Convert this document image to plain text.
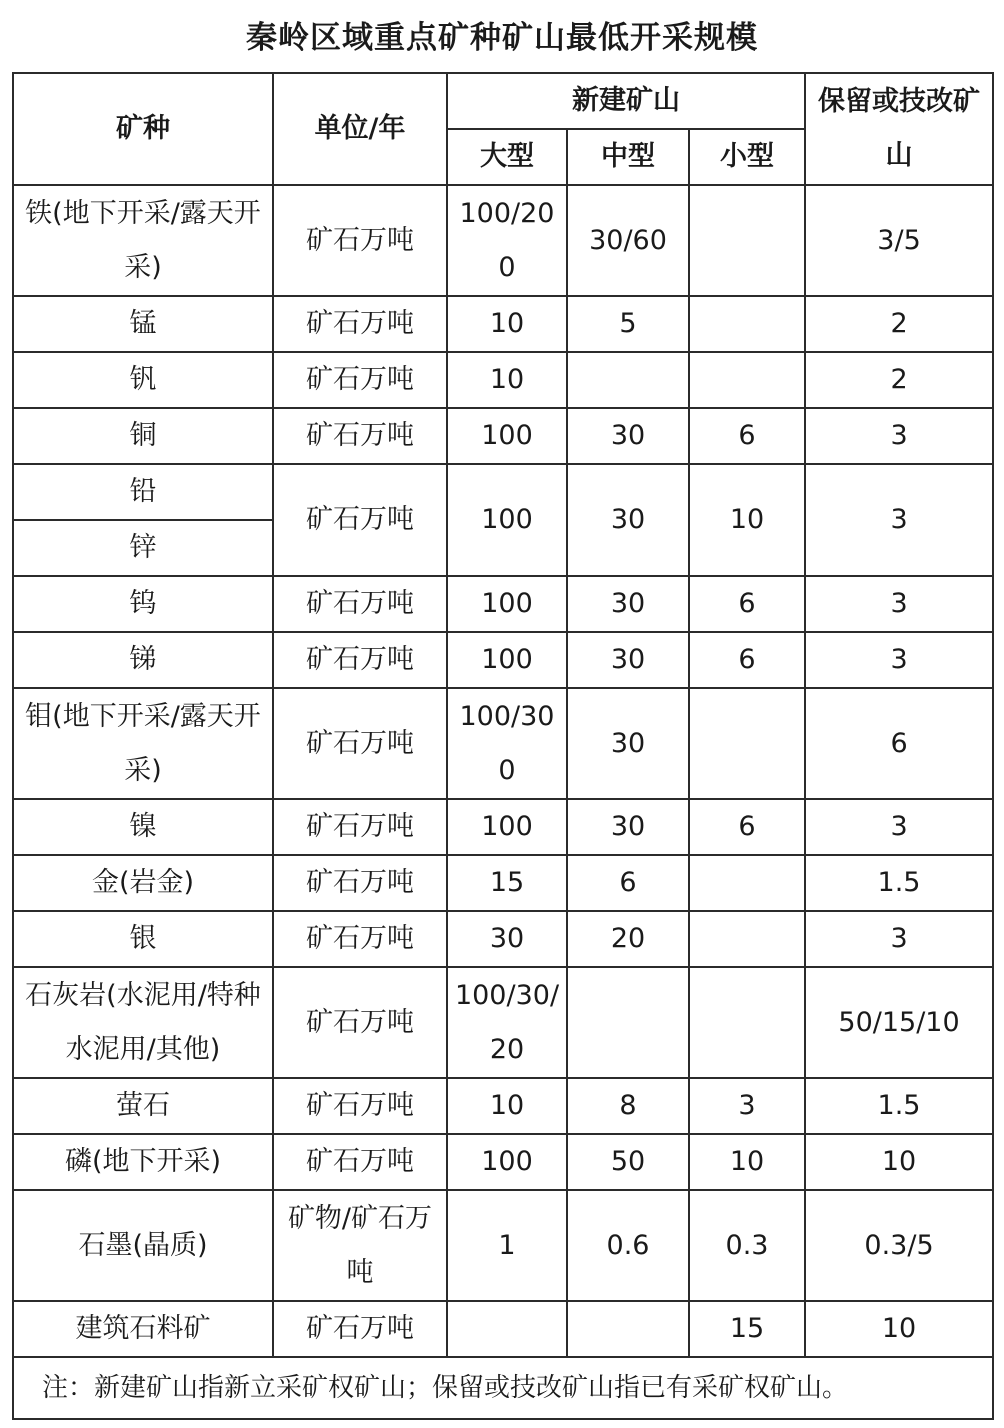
秦岭区域重点矿种矿山最低开采规模
矿种	单位/年	新建矿山			保留或技改矿山
		大型	中型	小型	
铁(地下开采/露天开采)	矿石万吨	100/200	30/60		3/5
锰	矿石万吨	10	5		2
钒	矿石万吨	10			2
铜	矿石万吨	100	30	6	3
铅	矿石万吨	100	30	10	3
锌					
钨	矿石万吨	100	30	6	3
锑	矿石万吨	100	30	6	3
钼(地下开采/露天开采)	矿石万吨	100/300	30		6
镍	矿石万吨	100	30	6	3
金(岩金)	矿石万吨	15	6		1.5
银	矿石万吨	30	20		3
石灰岩(水泥用/特种水泥用/其他)	矿石万吨	100/30/20			50/15/10
萤石	矿石万吨	10	8	3	1.5
磷(地下开采)	矿石万吨	100	50	10	10
石墨(晶质)	矿物/矿石万吨	1	0.6	0.3	0.3/5
建筑石料矿	矿石万吨			15	10
注：新建矿山指新立采矿权矿山；保留或技改矿山指已有采矿权矿山。					
